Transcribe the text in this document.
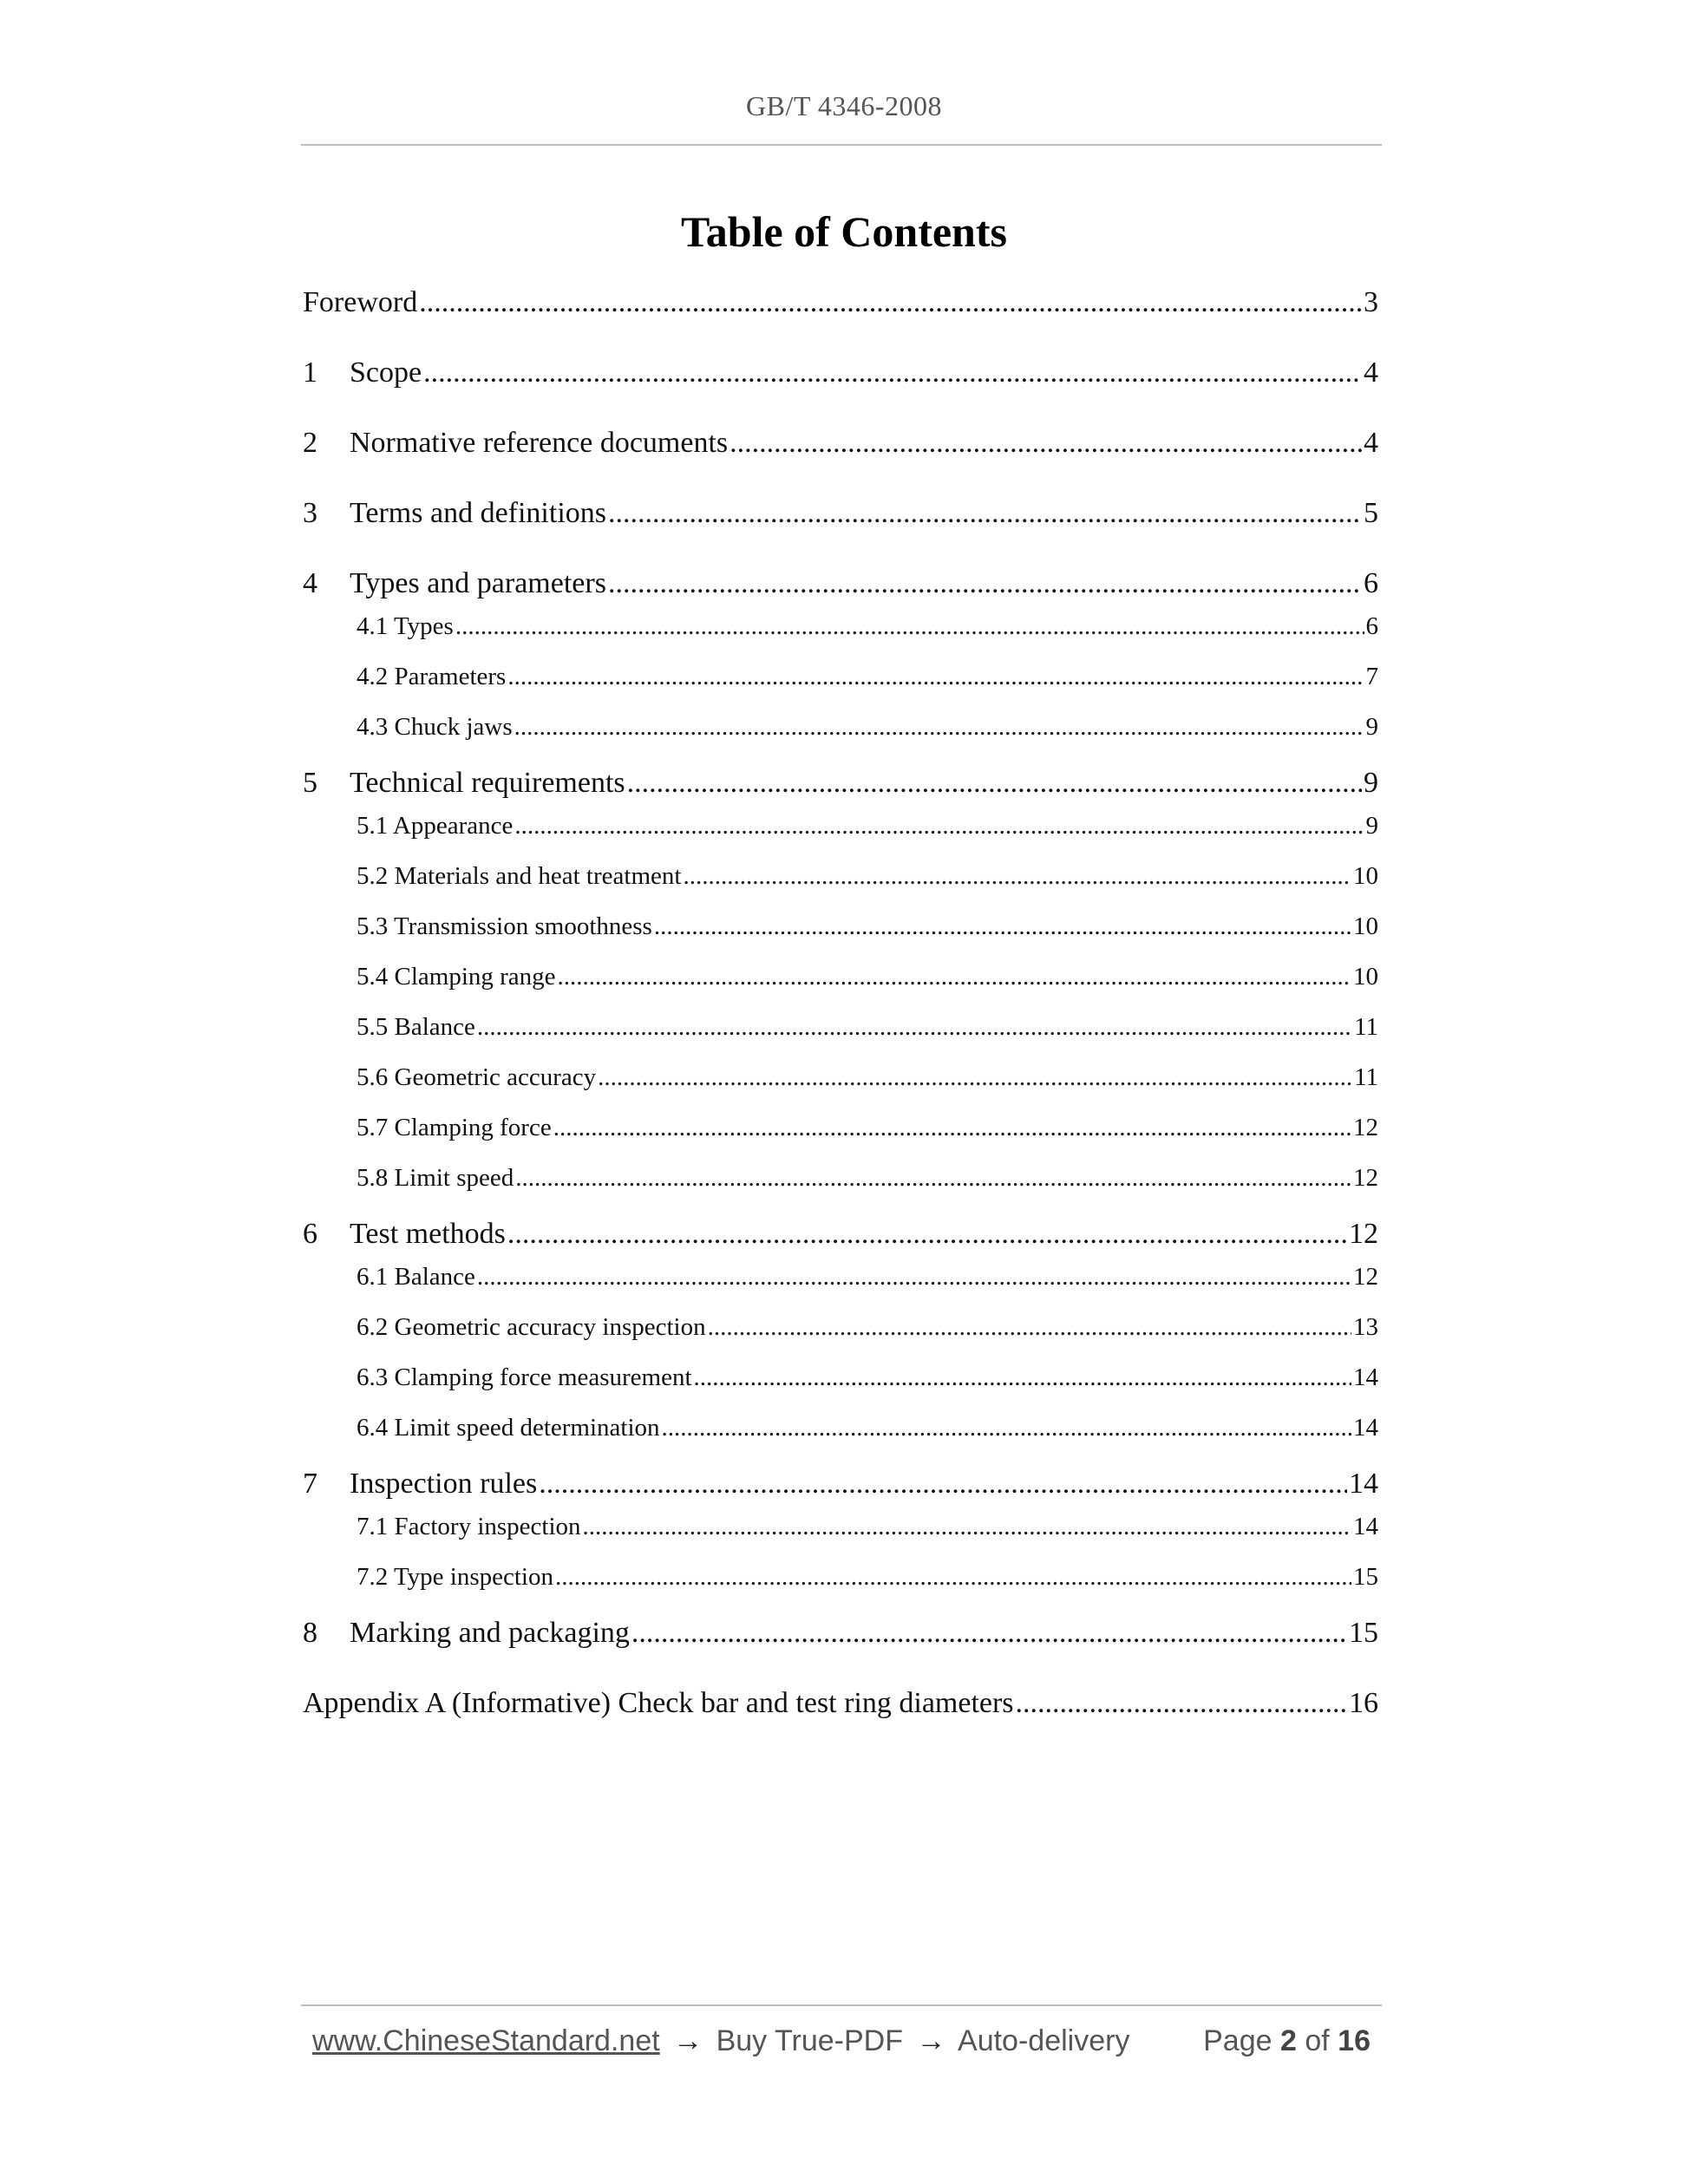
GB/T 4346-2008
Table of Contents
Foreword .....	3
1	Scope .....	4
2	Normative reference documents .....	4
3	Terms and definitions .....	5
4	Types and parameters .....	6
4.1 Types .....	6
4.2 Parameters .....	7
4.3 Chuck jaws .....	9
5	Technical requirements .....	9
5.1 Appearance .....	9
5.2 Materials and heat treatment .....	10
5.3 Transmission smoothness .....	10
5.4 Clamping range .....	10
5.5 Balance .....	11
5.6 Geometric accuracy .....	11
5.7 Clamping force .....	12
5.8 Limit speed .....	12
6	Test methods .....	12
6.1 Balance .....	12
6.2 Geometric accuracy inspection .....	13
6.3 Clamping force measurement .....	14
6.4 Limit speed determination .....	14
7	Inspection rules .....	14
7.1 Factory inspection .....	14
7.2 Type inspection .....	15
8	Marking and packaging .....	15
Appendix A (Informative) Check bar and test ring diameters .....	16
www.ChineseStandard.net → Buy True-PDF → Auto-delivery Page 2 of 16
